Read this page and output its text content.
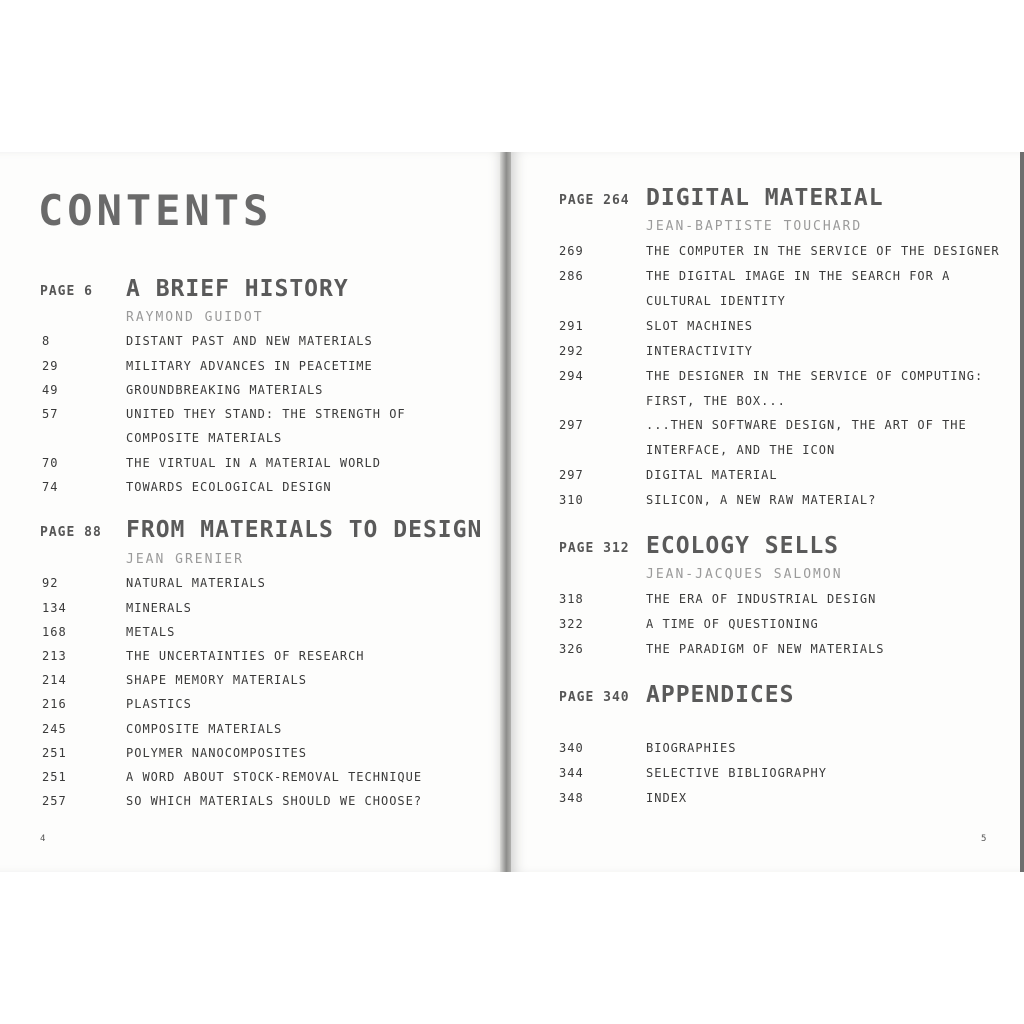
CONTENTS
PAGE 6 A BRIEF HISTORY
RAYMOND GUIDOT
8	DISTANT PAST AND NEW MATERIALS
29	MILITARY ADVANCES IN PEACETIME
49	GROUNDBREAKING MATERIALS
57	UNITED THEY STAND: THE STRENGTH OF
COMPOSITE MATERIALS
70	THE VIRTUAL IN A MATERIAL WORLD
74	TOWARDS ECOLOGICAL DESIGN
PAGE 88 FROM MATERIALS TO DESIGN
JEAN GRENIER
92	NATURAL MATERIALS
134	MINERALS
168	METALS
213	THE UNCERTAINTIES OF RESEARCH
214	SHAPE MEMORY MATERIALS
216	PLASTICS
245	COMPOSITE MATERIALS
251	POLYMER NANOCOMPOSITES
251	A WORD ABOUT STOCK-REMOVAL TECHNIQUE
257	SO WHICH MATERIALS SHOULD WE CHOOSE?
4
PAGE 264 DIGITAL MATERIAL
JEAN-BAPTISTE TOUCHARD
269	THE COMPUTER IN THE SERVICE OF THE DESIGNER
286	THE DIGITAL IMAGE IN THE SEARCH FOR A
CULTURAL IDENTITY
291	SLOT MACHINES
292	INTERACTIVITY
294	THE DESIGNER IN THE SERVICE OF COMPUTING:
FIRST, THE BOX...
297	...THEN SOFTWARE DESIGN, THE ART OF THE
INTERFACE, AND THE ICON
297	DIGITAL MATERIAL
310	SILICON, A NEW RAW MATERIAL?
PAGE 312 ECOLOGY SELLS
JEAN-JACQUES SALOMON
318	THE ERA OF INDUSTRIAL DESIGN
322	A TIME OF QUESTIONING
326	THE PARADIGM OF NEW MATERIALS
PAGE 340 APPENDICES
340	BIOGRAPHIES
344	SELECTIVE BIBLIOGRAPHY
348	INDEX
5
